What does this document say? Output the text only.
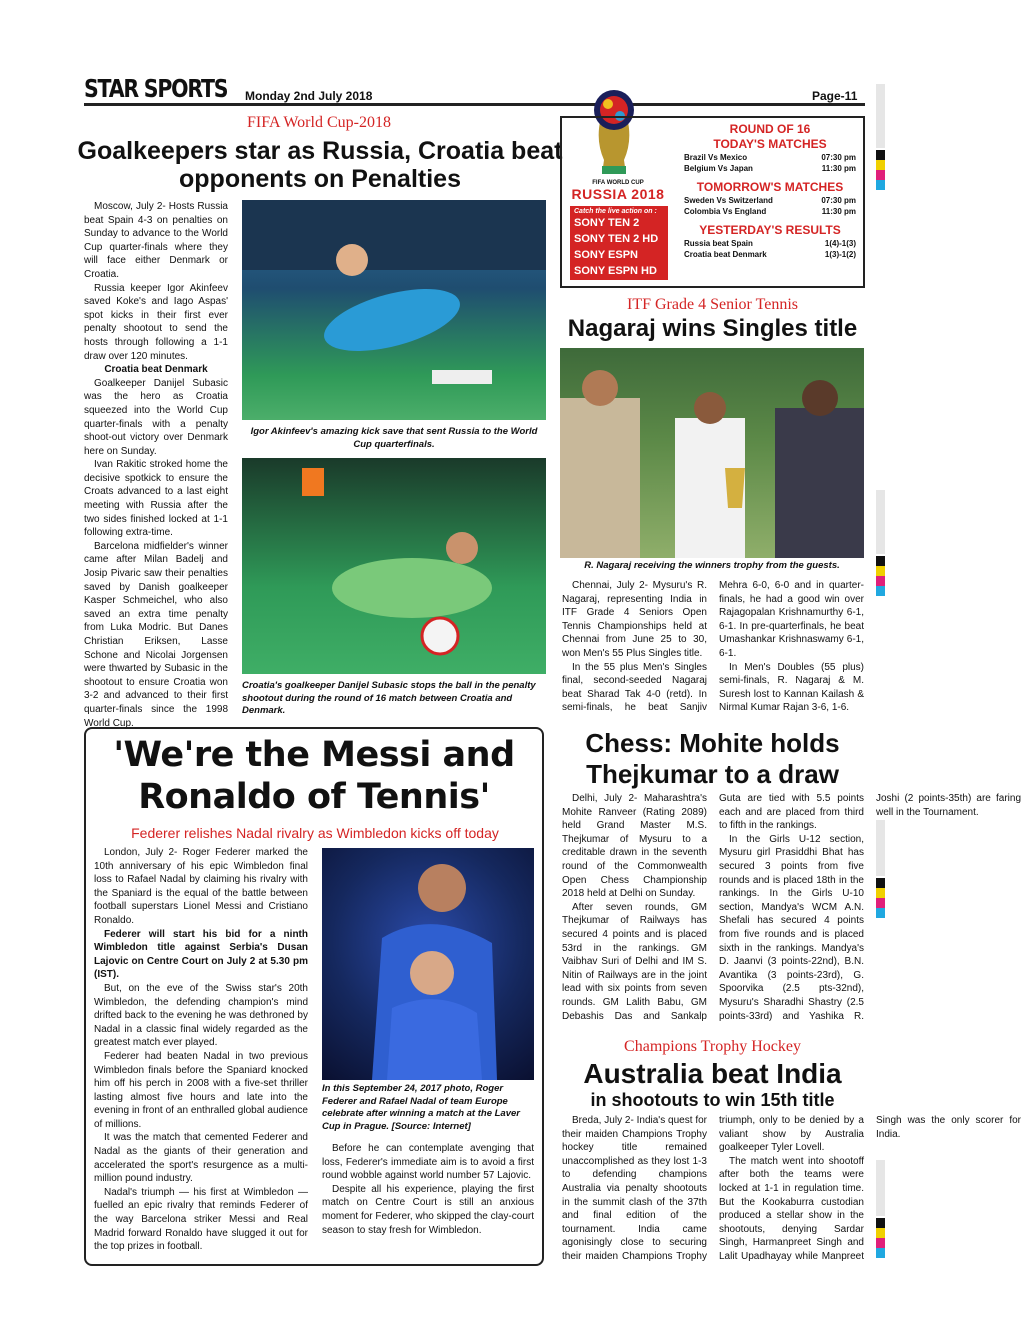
STAR SPORTS Monday 2nd July 2018	Page-11
FIFA World Cup-2018
Goalkeepers star as Russia, Croatia beat opponents on Penalties

Moscow, July 2- Hosts Russia beat Spain 4-3 on penalties on Sunday to advance to the World Cup quarter-finals where they will face either Denmark or Croatia.

Russia keeper Igor Akinfeev saved Koke's and Iago Aspas' spot kicks in their first ever penalty shootout to send the hosts through following a 1-1 draw over 120 minutes.

Croatia beat Denmark

Goalkeeper Danijel Subasic was the hero as Croatia squeezed into the World Cup quarter-finals with a penalty shoot-out victory over Denmark here on Sunday.

Ivan Rakitic stroked home the decisive spotkick to ensure the Croats advanced to a last eight meeting with Russia after the two sides finished locked at 1-1 following extra-time.

Barcelona midfielder's winner came after Milan Badelj and Josip Pivaric saw their penalties saved by Danish goalkeeper Kasper Schmeichel, who also saved an extra time penalty from Luka Modric. But Danes Christian Eriksen, Lasse Schone and Nicolai Jorgensen were thwarted by Subasic in the shootout to ensure Croatia won 3-2 and advanced to their first quarter-finals since the 1998 World Cup.

Igor Akinfeev's amazing kick save that sent Russia to the World Cup quarterfinals.
Croatia's goalkeeper Danijel Subasic stops the ball in the penalty shootout during the round of 16 match between Croatia and Denmark.
FIFA WORLD CUP
RUSSIA 2018
Catch the live action on :
SONY TEN 2
SONY TEN 2 HD
SONY ESPN
SONY ESPN HD
ROUND OF 16
TODAY'S MATCHES
Brazil Vs Mexico	07:30 pm
Belgium Vs Japan	11:30 pm
TOMORROW'S MATCHES
Sweden Vs Switzerland	07:30 pm
Colombia Vs England	11:30 pm
YESTERDAY'S RESULTS
Russia beat Spain	1(4)-1(3)
Croatia beat Denmark	1(3)-1(2)
ITF Grade 4 Senior Tennis
Nagaraj wins Singles title
R. Nagaraj receiving the winners trophy from the guests.

Chennai, July 2- Mysuru's R. Nagaraj, representing India in ITF Grade 4 Seniors Open Tennis Championships held at Chennai from June 25 to 30, won Men's 55 Plus Singles title.

In the 55 plus Men's Singles final, second-seeded Nagaraj beat Sharad Tak 4-0 (retd). In semi-finals, he beat Sanjiv Mehra 6-0, 6-0 and in quarter-finals, he had a good win over Rajagopalan Krishnamurthy 6-1, 6-1. In pre-quarterfinals, he beat Umashankar Krishnaswamy 6-1, 6-1.

In Men's Doubles (55 plus) semi-finals, R. Nagaraj & M. Suresh lost to Kannan Kailash & Nirmal Kumar Rajan 3-6, 1-6.

'We're the Messi and Ronaldo of Tennis'
Federer relishes Nadal rivalry as Wimbledon kicks off today

London, July 2- Roger Federer marked the 10th anniversary of his epic Wimbledon final loss to Rafael Nadal by claiming his rivalry with the Spaniard is the equal of the battle between football superstars Lionel Messi and Cristiano Ronaldo.

Federer will start his bid for a ninth Wimbledon title against Serbia's Dusan Lajovic on Centre Court on July 2 at 5.30 pm (IST).

But, on the eve of the Swiss star's 20th Wimbledon, the defending champion's mind drifted back to the evening he was dethroned by Nadal in a classic final widely regarded as the greatest match ever played.

Federer had beaten Nadal in two previous Wimbledon finals before the Spaniard knocked him off his perch in 2008 with a five-set thriller lasting almost five hours and late into the evening in front of an enthralled global audience of millions.

It was the match that cemented Federer and Nadal as the giants of their generation and accelerated the sport's resurgence as a multi-million pound industry.

Nadal's triumph — his first at Wimbledon — fuelled an epic rivalry that reminds Federer of the way Barcelona striker Messi and Real Madrid forward Ronaldo have slugged it out for the top prizes in football.

In this September 24, 2017 photo, Roger Federer and Rafael Nadal of team Europe celebrate after winning a match at the Laver Cup in Prague. [Source: Internet]

Before he can contemplate avenging that loss, Federer's immediate aim is to avoid a first round wobble against world number 57 Lajovic.

Despite all his experience, playing the first match on Centre Court is still an anxious moment for Federer, who skipped the clay-court season to stay fresh for Wimbledon.

Chess: Mohite holds
Thejkumar to a draw

Delhi, July 2- Maharashtra's Mohite Ranveer (Rating 2089) held Grand Master M.S. Thejkumar of Mysuru to a creditable drawn in the seventh round of the Commonwealth Open Chess Championship 2018 held at Delhi on Sunday.

After seven rounds, GM Thejkumar of Railways has secured 4 points and is placed 53rd in the rankings. GM Vaibhav Suri of Delhi and IM S. Nitin of Railways are in the joint lead with six points from seven rounds. GM Lalith Babu, GM Debashis Das and Sankalp Guta are tied with 5.5 points each and are placed from third to fifth in the rankings.

In the Girls U-12 section, Mysuru girl Prasiddhi Bhat has secured 3 points from five rounds and is placed 18th in the rankings. In the Girls U-10 section, Mandya's WCM A.N. Shefali has secured 4 points from five rounds and is placed sixth in the rankings. Mandya's D. Jaanvi (3 points-22nd), B.N. Avantika (3 points-23rd), G. Spoorvika (2.5 pts-32nd), Mysuru's Sharadhi Shastry (2.5 points-33rd) and Yashika R. Joshi (2 points-35th) are faring well in the Tournament.

Champions Trophy Hockey
Australia beat India
in shootouts to win 15th title

Breda, July 2- India's quest for their maiden Champions Trophy hockey title remained unaccomplished as they lost 1-3 to defending champions Australia via penalty shootouts in the summit clash of the 37th and final edition of the tournament. India came agonisingly close to securing their maiden Champions Trophy triumph, only to be denied by a valiant show by Australia goalkeeper Tyler Lovell.

The match went into shootoff after both the teams were locked at 1-1 in regulation time. But the Kookaburra custodian produced a stellar show in the shootouts, denying Sardar Singh, Harmanpreet Singh and Lalit Upadhayay while Manpreet Singh was the only scorer for India.
